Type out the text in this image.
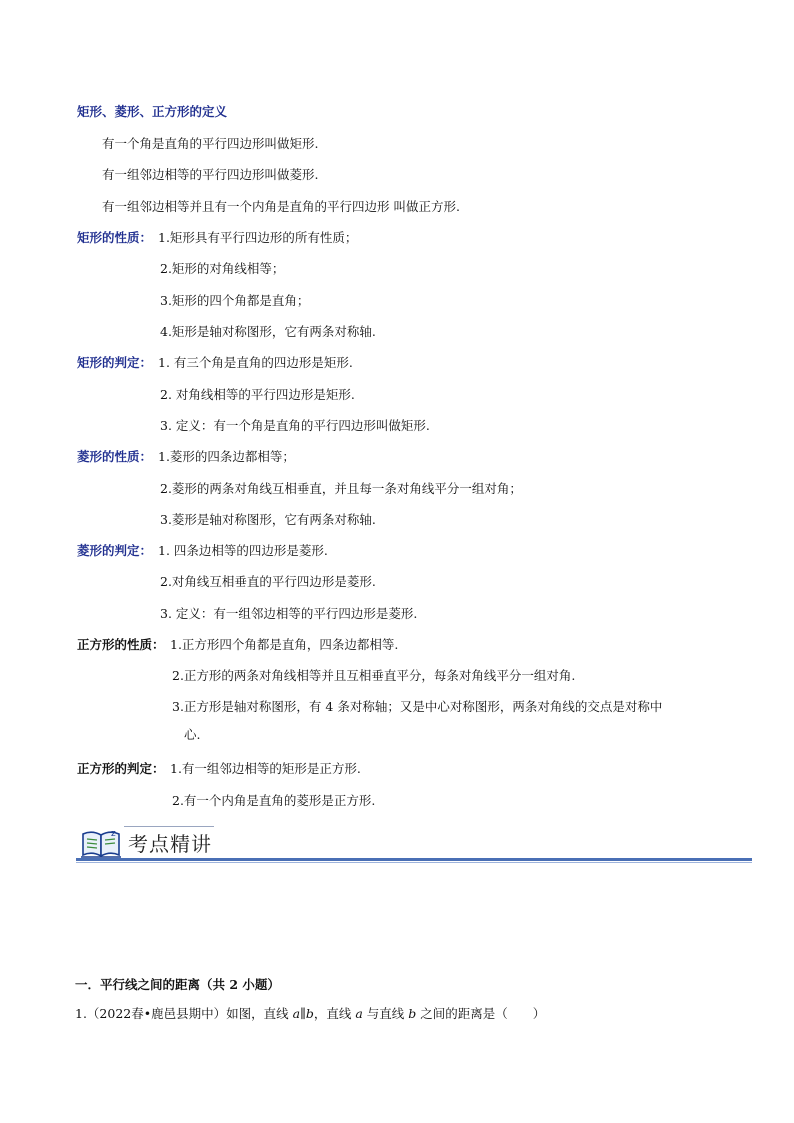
矩形、菱形、正方形的定义
有一个角是直角的平行四边形叫做矩形.
有一组邻边相等的平行四边形叫做菱形.
有一组邻边相等并且有一个内角是直角的平行四边形 叫做正方形.
矩形的性质： 1.矩形具有平行四边形的所有性质；
2.矩形的对角线相等；
3.矩形的四个角都是直角；
4.矩形是轴对称图形，它有两条对称轴.
矩形的判定： 1. 有三个角是直角的四边形是矩形.
2. 对角线相等的平行四边形是矩形.
3. 定义：有一个角是直角的平行四边形叫做矩形.
菱形的性质： 1.菱形的四条边都相等；
2.菱形的两条对角线互相垂直，并且每一条对角线平分一组对角；
3.菱形是轴对称图形，它有两条对称轴.
菱形的判定： 1. 四条边相等的四边形是菱形.
2.对角线互相垂直的平行四边形是菱形.
3. 定义：有一组邻边相等的平行四边形是菱形.
正方形的性质： 1.正方形四个角都是直角，四条边都相等.
2.正方形的两条对角线相等并且互相垂直平分，每条对角线平分一组对角.
3.正方形是轴对称图形，有 4 条对称轴；又是中心对称图形，两条对角线的交点是对称中
心.
正方形的判定： 1.有一组邻边相等的矩形是正方形.
2.有一个内角是直角的菱形是正方形.
z 考点精讲
一．平行线之间的距离（共 2 小题）
1.（2022春•鹿邑县期中）如图，直线 a∥b，直线 a 与直线 b 之间的距离是（　　）
